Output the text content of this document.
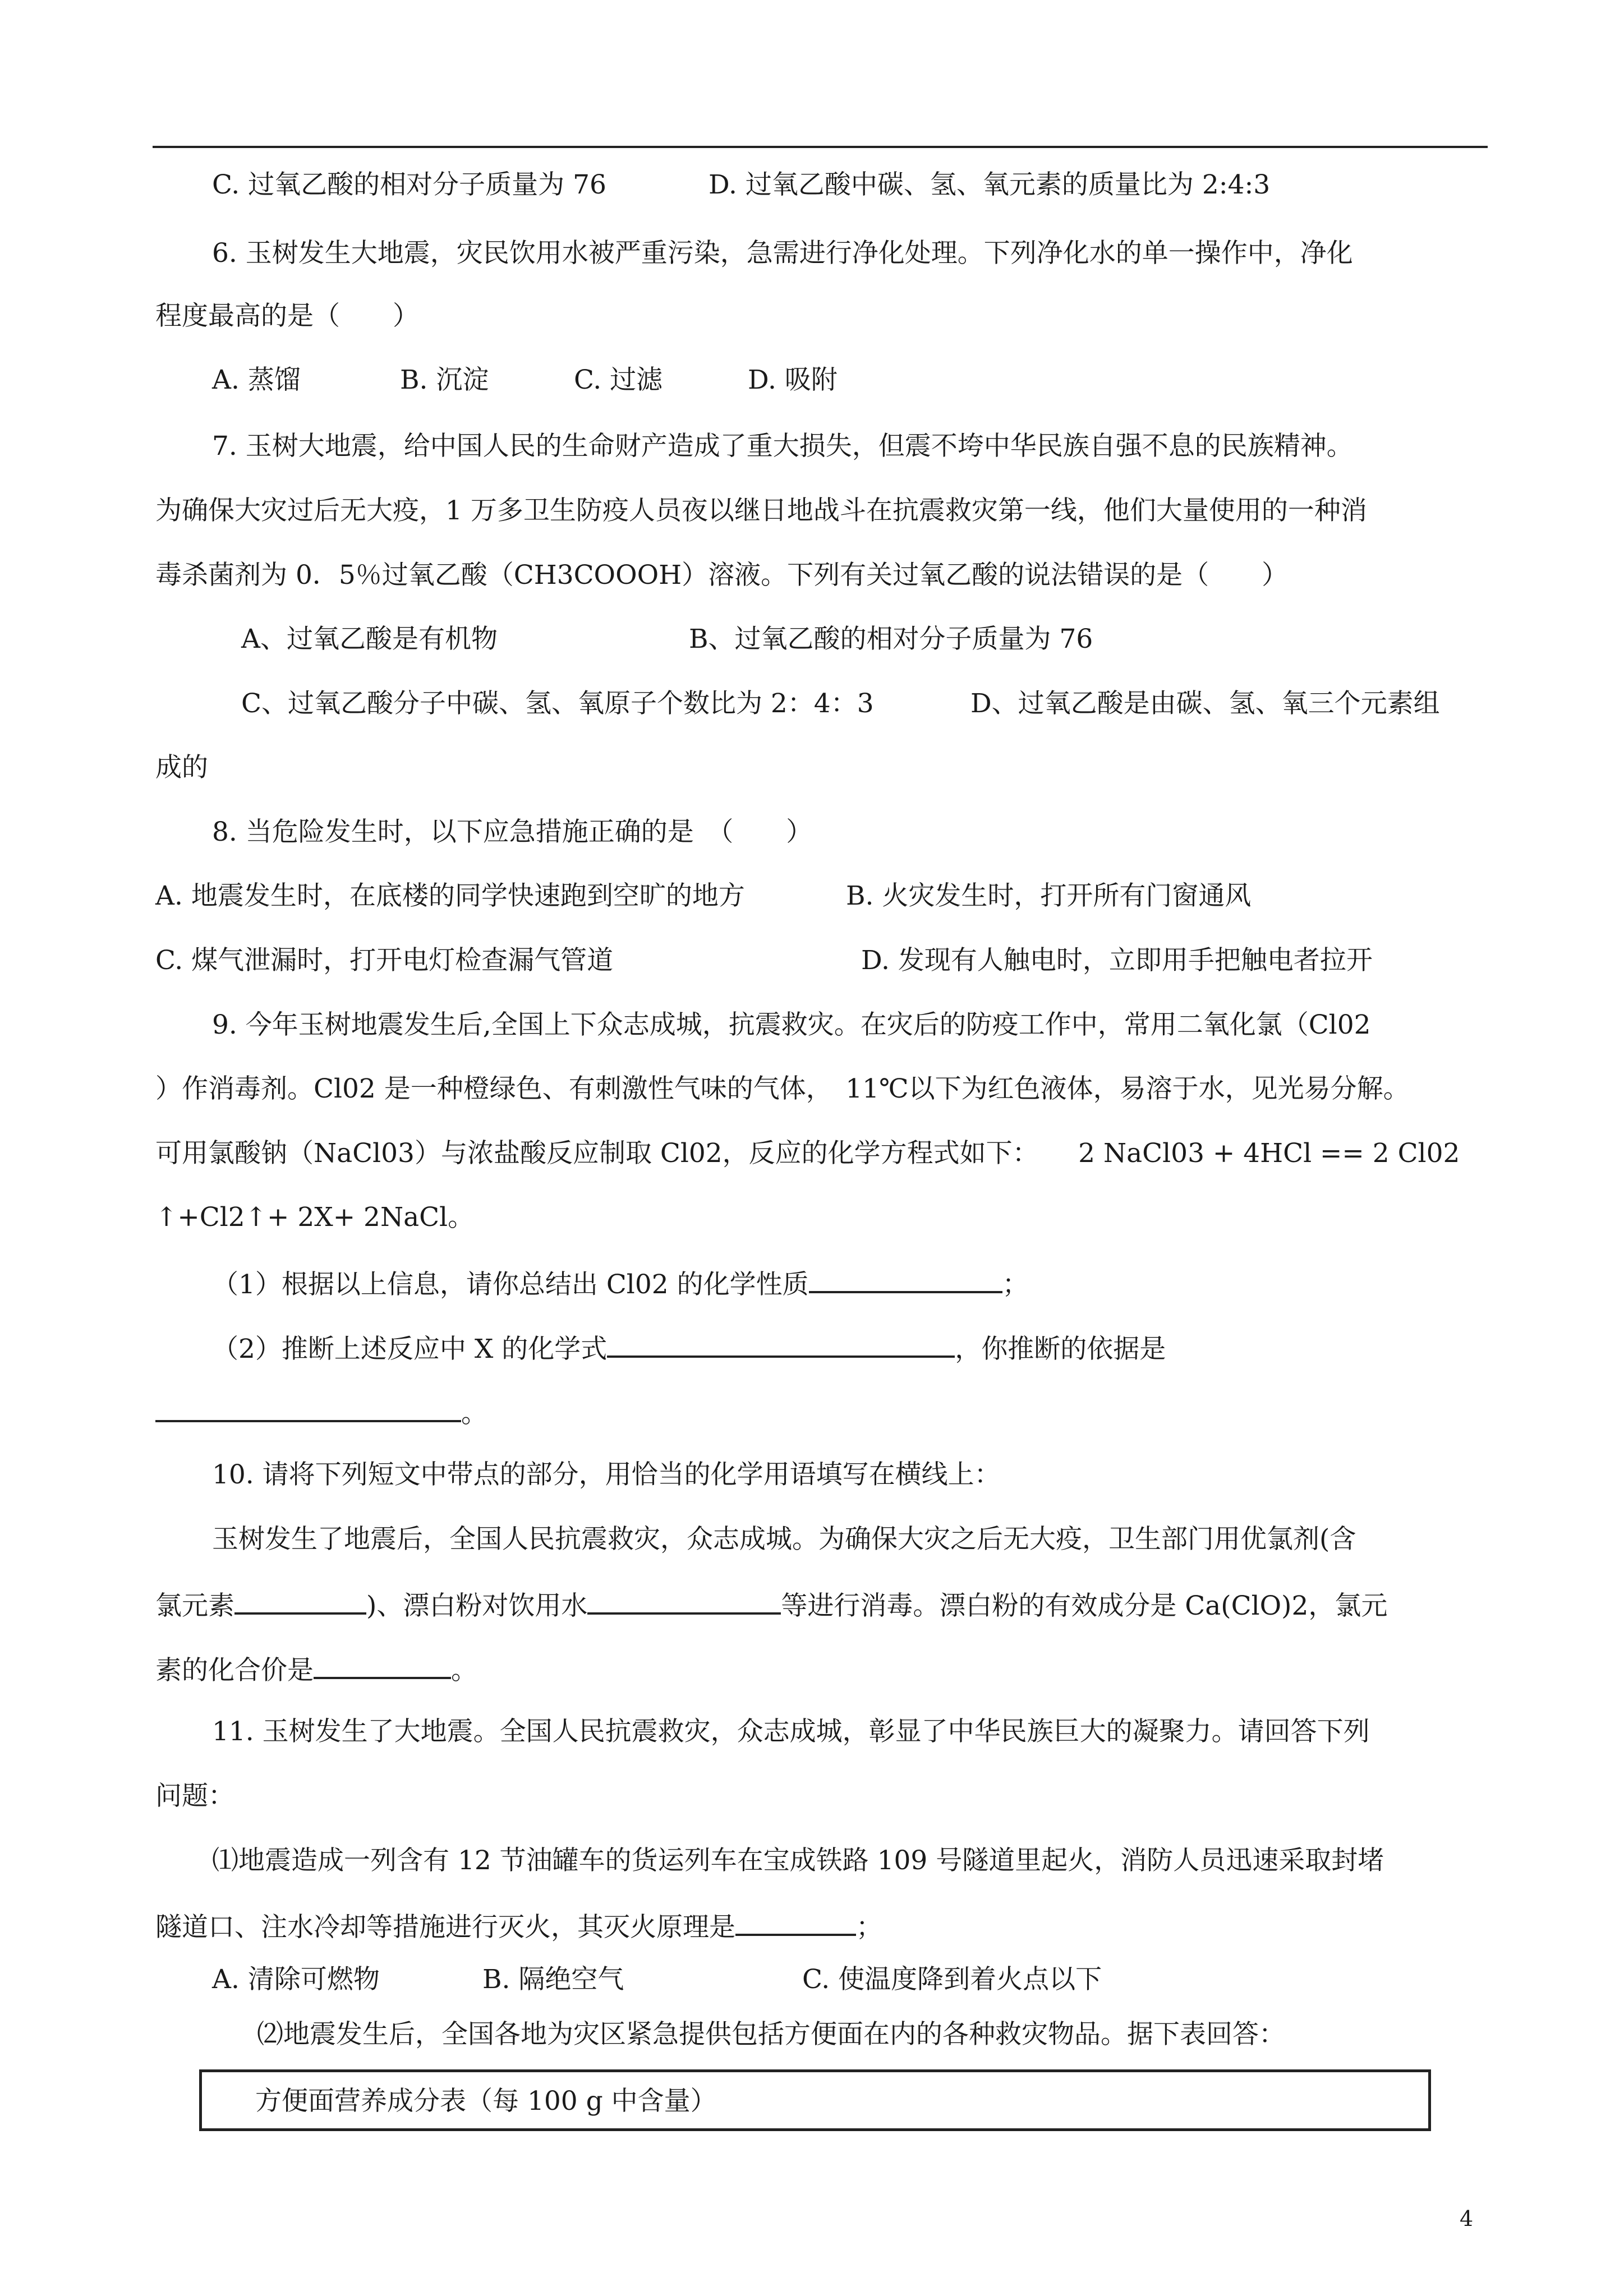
C. 过氧乙酸的相对分子质量为 76	D. 过氧乙酸中碳、氢、氧元素的质量比为 2:4:3
6. 玉树发生大地震，灾民饮用水被严重污染，急需进行净化处理。下列净化水的单一操作中，净化
程度最高的是（　　）
A. 蒸馏	B. 沉淀	C. 过滤	D. 吸附
7. 玉树大地震，给中国人民的生命财产造成了重大损失，但震不垮中华民族自强不息的民族精神。
为确保大灾过后无大疫，1 万多卫生防疫人员夜以继日地战斗在抗震救灾第一线，他们大量使用的一种消
毒杀菌剂为 0．5％过氧乙酸（CH3COOOH）溶液。下列有关过氧乙酸的说法错误的是（　　）
A、过氧乙酸是有机物	B、过氧乙酸的相对分子质量为 76
C、过氧乙酸分子中碳、氢、氧原子个数比为 2：4：3	D、过氧乙酸是由碳、氢、氧三个元素组
成的
8. 当危险发生时，以下应急措施正确的是　（　　）
A. 地震发生时，在底楼的同学快速跑到空旷的地方	B. 火灾发生时，打开所有门窗通风
C. 煤气泄漏时，打开电灯检查漏气管道	D. 发现有人触电时，立即用手把触电者拉开
9. 今年玉树地震发生后,全国上下众志成城，抗震救灾。在灾后的防疫工作中，常用二氧化氯（Cl02
）作消毒剂。Cl02 是一种橙绿色、有刺激性气味的气体，　11℃以下为红色液体，易溶于水，见光易分解。
可用氯酸钠（NaCl03）与浓盐酸反应制取 Cl02，反应的化学方程式如下：　　2 NaCl03 + 4HCl == 2 Cl02
↑+Cl2↑+ 2X+ 2NaCl。
（1）根据以上信息，请你总结出 Cl02 的化学性质	；
（2）推断上述反应中 X 的化学式	，你推断的依据是
。
10. 请将下列短文中带点的部分，用恰当的化学用语填写在横线上：
玉树发生了地震后，全国人民抗震救灾，众志成城。为确保大灾之后无大疫，卫生部门用优氯剂(含
氯元素	)、漂白粉对饮用水	等进行消毒。漂白粉的有效成分是 Ca(ClO)2，氯元
素的化合价是	。
11. 玉树发生了大地震。全国人民抗震救灾，众志成城，彰显了中华民族巨大的凝聚力。请回答下列
问题：
⑴地震造成一列含有 12 节油罐车的货运列车在宝成铁路 109 号隧道里起火，消防人员迅速采取封堵
隧道口、注水冷却等措施进行灭火，其灭火原理是	；
A. 清除可燃物	B. 隔绝空气	C. 使温度降到着火点以下
⑵地震发生后，全国各地为灾区紧急提供包括方便面在内的各种救灾物品。据下表回答：
方便面营养成分表（每 100 g 中含量）
4
